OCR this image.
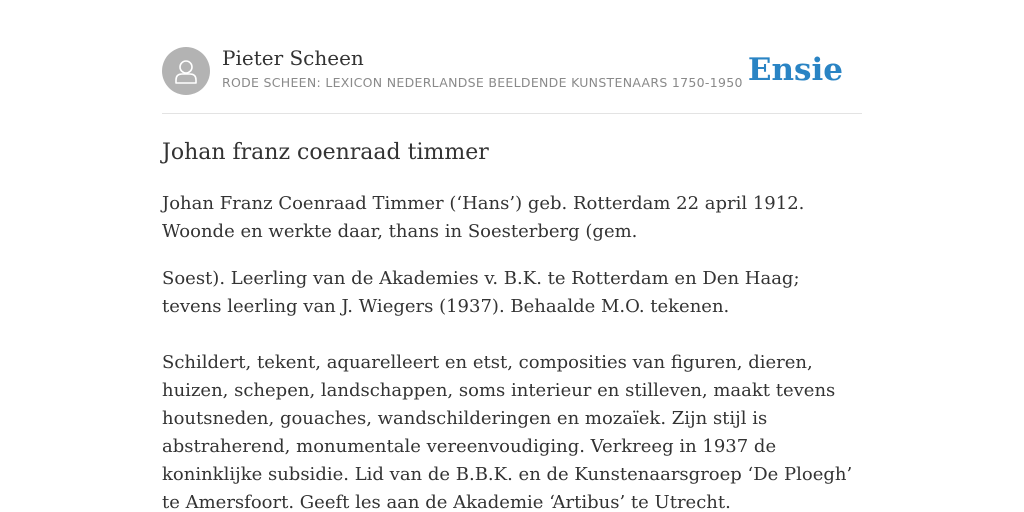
Pieter Scheen
RODE SCHEEN: LEXICON NEDERLANDSE BEELDENDE KUNSTENAARS 1750-1950 Ensie
Johan franz coenraad timmer

Johan Franz Coenraad Timmer (‘Hans’) geb. Rotterdam 22 april 1912. Woonde en werkte daar, thans in Soesterberg (gem.

Soest). Leerling van de Akademies v. B.K. te Rotterdam en Den Haag; tevens leerling van J. Wiegers (1937). Behaalde M.O. tekenen.

Schildert, tekent, aquarelleert en etst, composities van figuren, dieren, huizen, schepen, landschappen, soms interieur en stilleven, maakt tevens houtsneden, gouaches, wandschilderingen en mozaïek. Zijn stijl is abstraherend, monumentale vereenvoudiging. Verkreeg in 1937 de koninklijke subsidie. Lid van de B.B.K. en de Kunstenaarsgroep ‘De Ploegh’ te Amersfoort. Geeft les aan de Akademie ‘Artibus’ te Utrecht.
